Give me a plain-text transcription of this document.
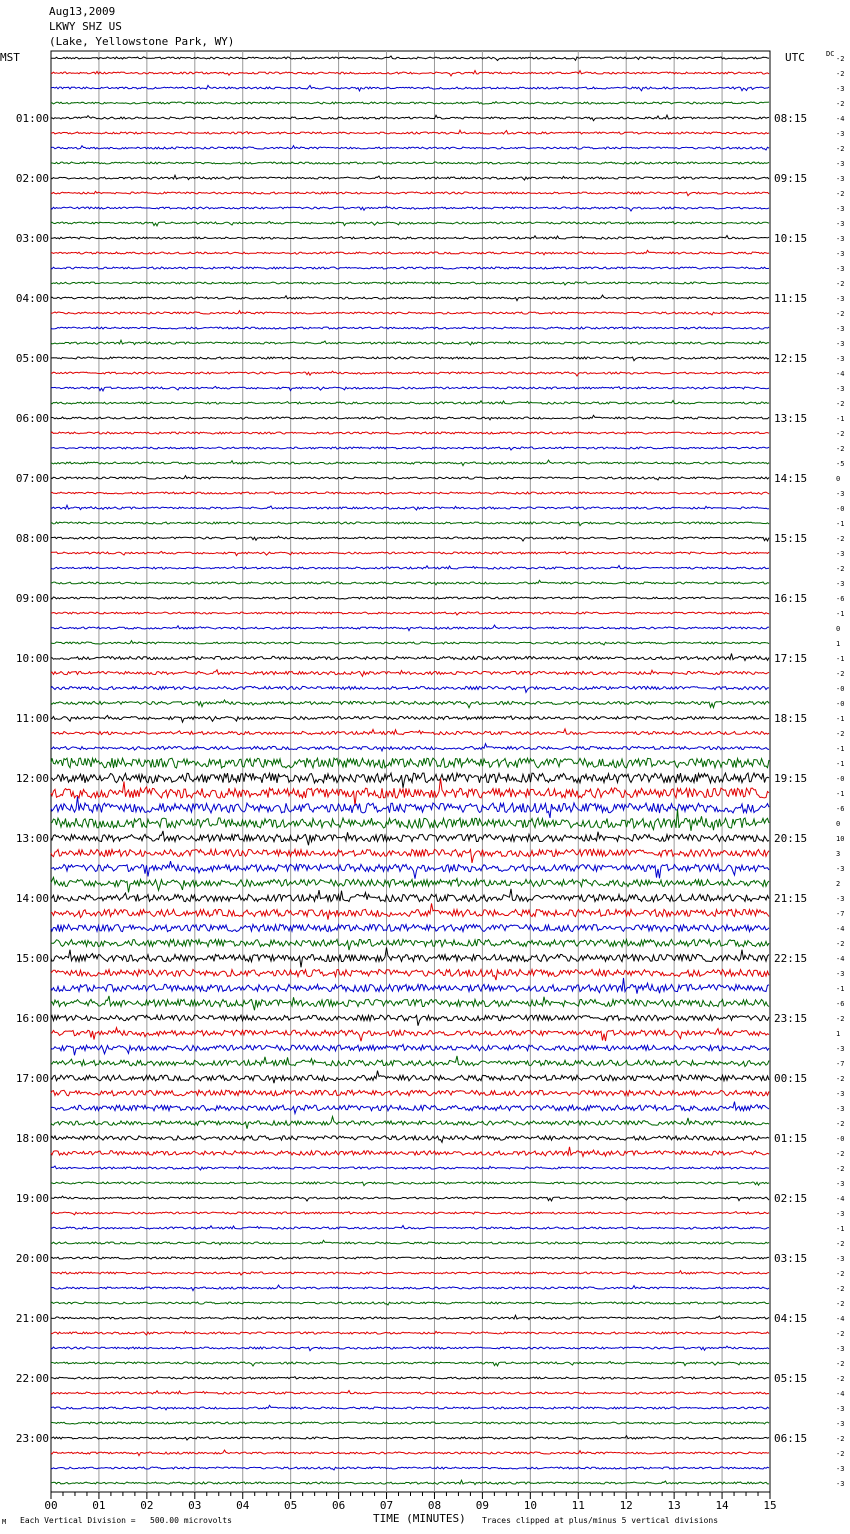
Aug13,2009
LKWY SHZ US
(Lake, Yellowstone Park, WY)
MST	UTC	DC
00	01	02	03	04	05	06	07	08	09	10	11	12	13	14	15
-2
-2
-3
-2
-4
-3
-2
-3
-3
-2
-3
-3
-3
-3
-3
-2
-3
-2
-3
-3
-3
-4
-3
-2
-1
-2
-2
-5
0
-3
-0
-1
-2
-3
-2
-3
-6
-1
0
1
-1
-2
-0
-0
-1
-2
-1
-1
-0
-1
-6
0
10
3
-3
2
-3
-7
-4
-2
-4
-3
-1
-6
-2
1
-3
-7
-2
-3
-3
-2
-0
-2
-2
-3
-4
-3
-1
-2
-3
-2
-2
-2
-4
-2
-3
-2
-2
-4
-3
-3
-2
-2
-3
-3
01:00
02:00
03:00
04:00
05:00
06:00
07:00
08:00
09:00
10:00
11:00
12:00
13:00
14:00
15:00
16:00
17:00
18:00
19:00
20:00
21:00
22:00
23:00
08:15
09:15
10:15
11:15
12:15
13:15
14:15
15:15
16:15
17:15
18:15
19:15
20:15
21:15
22:15
23:15
00:15
01:15
02:15
03:15
04:15
05:15
06:15
TIME (MINUTES)
M Each Vertical Division =   500.00 microvolts	Traces clipped at plus/minus 5 vertical divisions
